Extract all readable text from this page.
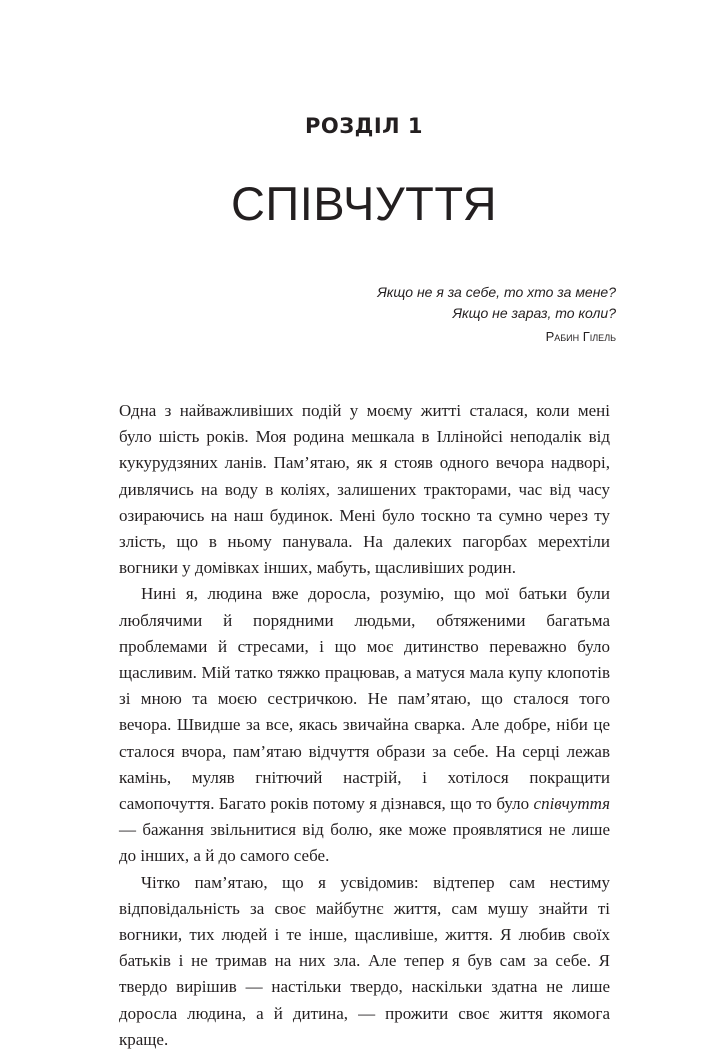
РОЗДІЛ 1
СПІВЧУТТЯ
Якщо не я за себе, то хто за мене?
Якщо не зараз, то коли?
Рабин Гілель

Одна з найважливіших подій у моєму житті сталася, коли мені було шість років. Моя родина мешкала в Іллінойсі неподалік від кукурудзяних ланів. Пам’ятаю, як я стояв одного вечора надворі, дивлячись на воду в коліях, залишених тракторами, час від часу озираючись на наш будинок. Мені було тоскно та сумно через ту злість, що в ньому панувала. На далеких пагорбах мерехтіли вогники у домівках інших, мабуть, щасливіших родин.

Нині я, людина вже доросла, розумію, що мої батьки були люблячими й порядними людьми, обтяженими багатьма проблемами й стресами, і що моє дитинство переважно було щасливим. Мій татко тяжко працював, а матуся мала купу клопотів зі мною та моєю сестричкою. Не пам’ятаю, що сталося того вечора. Швидше за все, якась звичайна сварка. Але добре, ніби це сталося вчора, пам’ятаю відчуття образи за себе. На серці лежав камінь, муляв гнітючий настрій, і хотілося покращити самопочуття. Багато років потому я дізнався, що то було співчуття — бажання звільнитися від болю, яке може проявлятися не лише до інших, а й до самого себе.

Чітко пам’ятаю, що я усвідомив: відтепер сам нестиму відповідальність за своє майбутнє життя, сам мушу знайти ті вогники, тих людей і те інше, щасливіше, життя. Я любив своїх батьків і не тримав на них зла. Але тепер я був сам за себе. Я твердо вирішив — настільки твердо, наскільки здатна не лише доросла людина, а й дитина, — прожити своє життя якомога краще.
